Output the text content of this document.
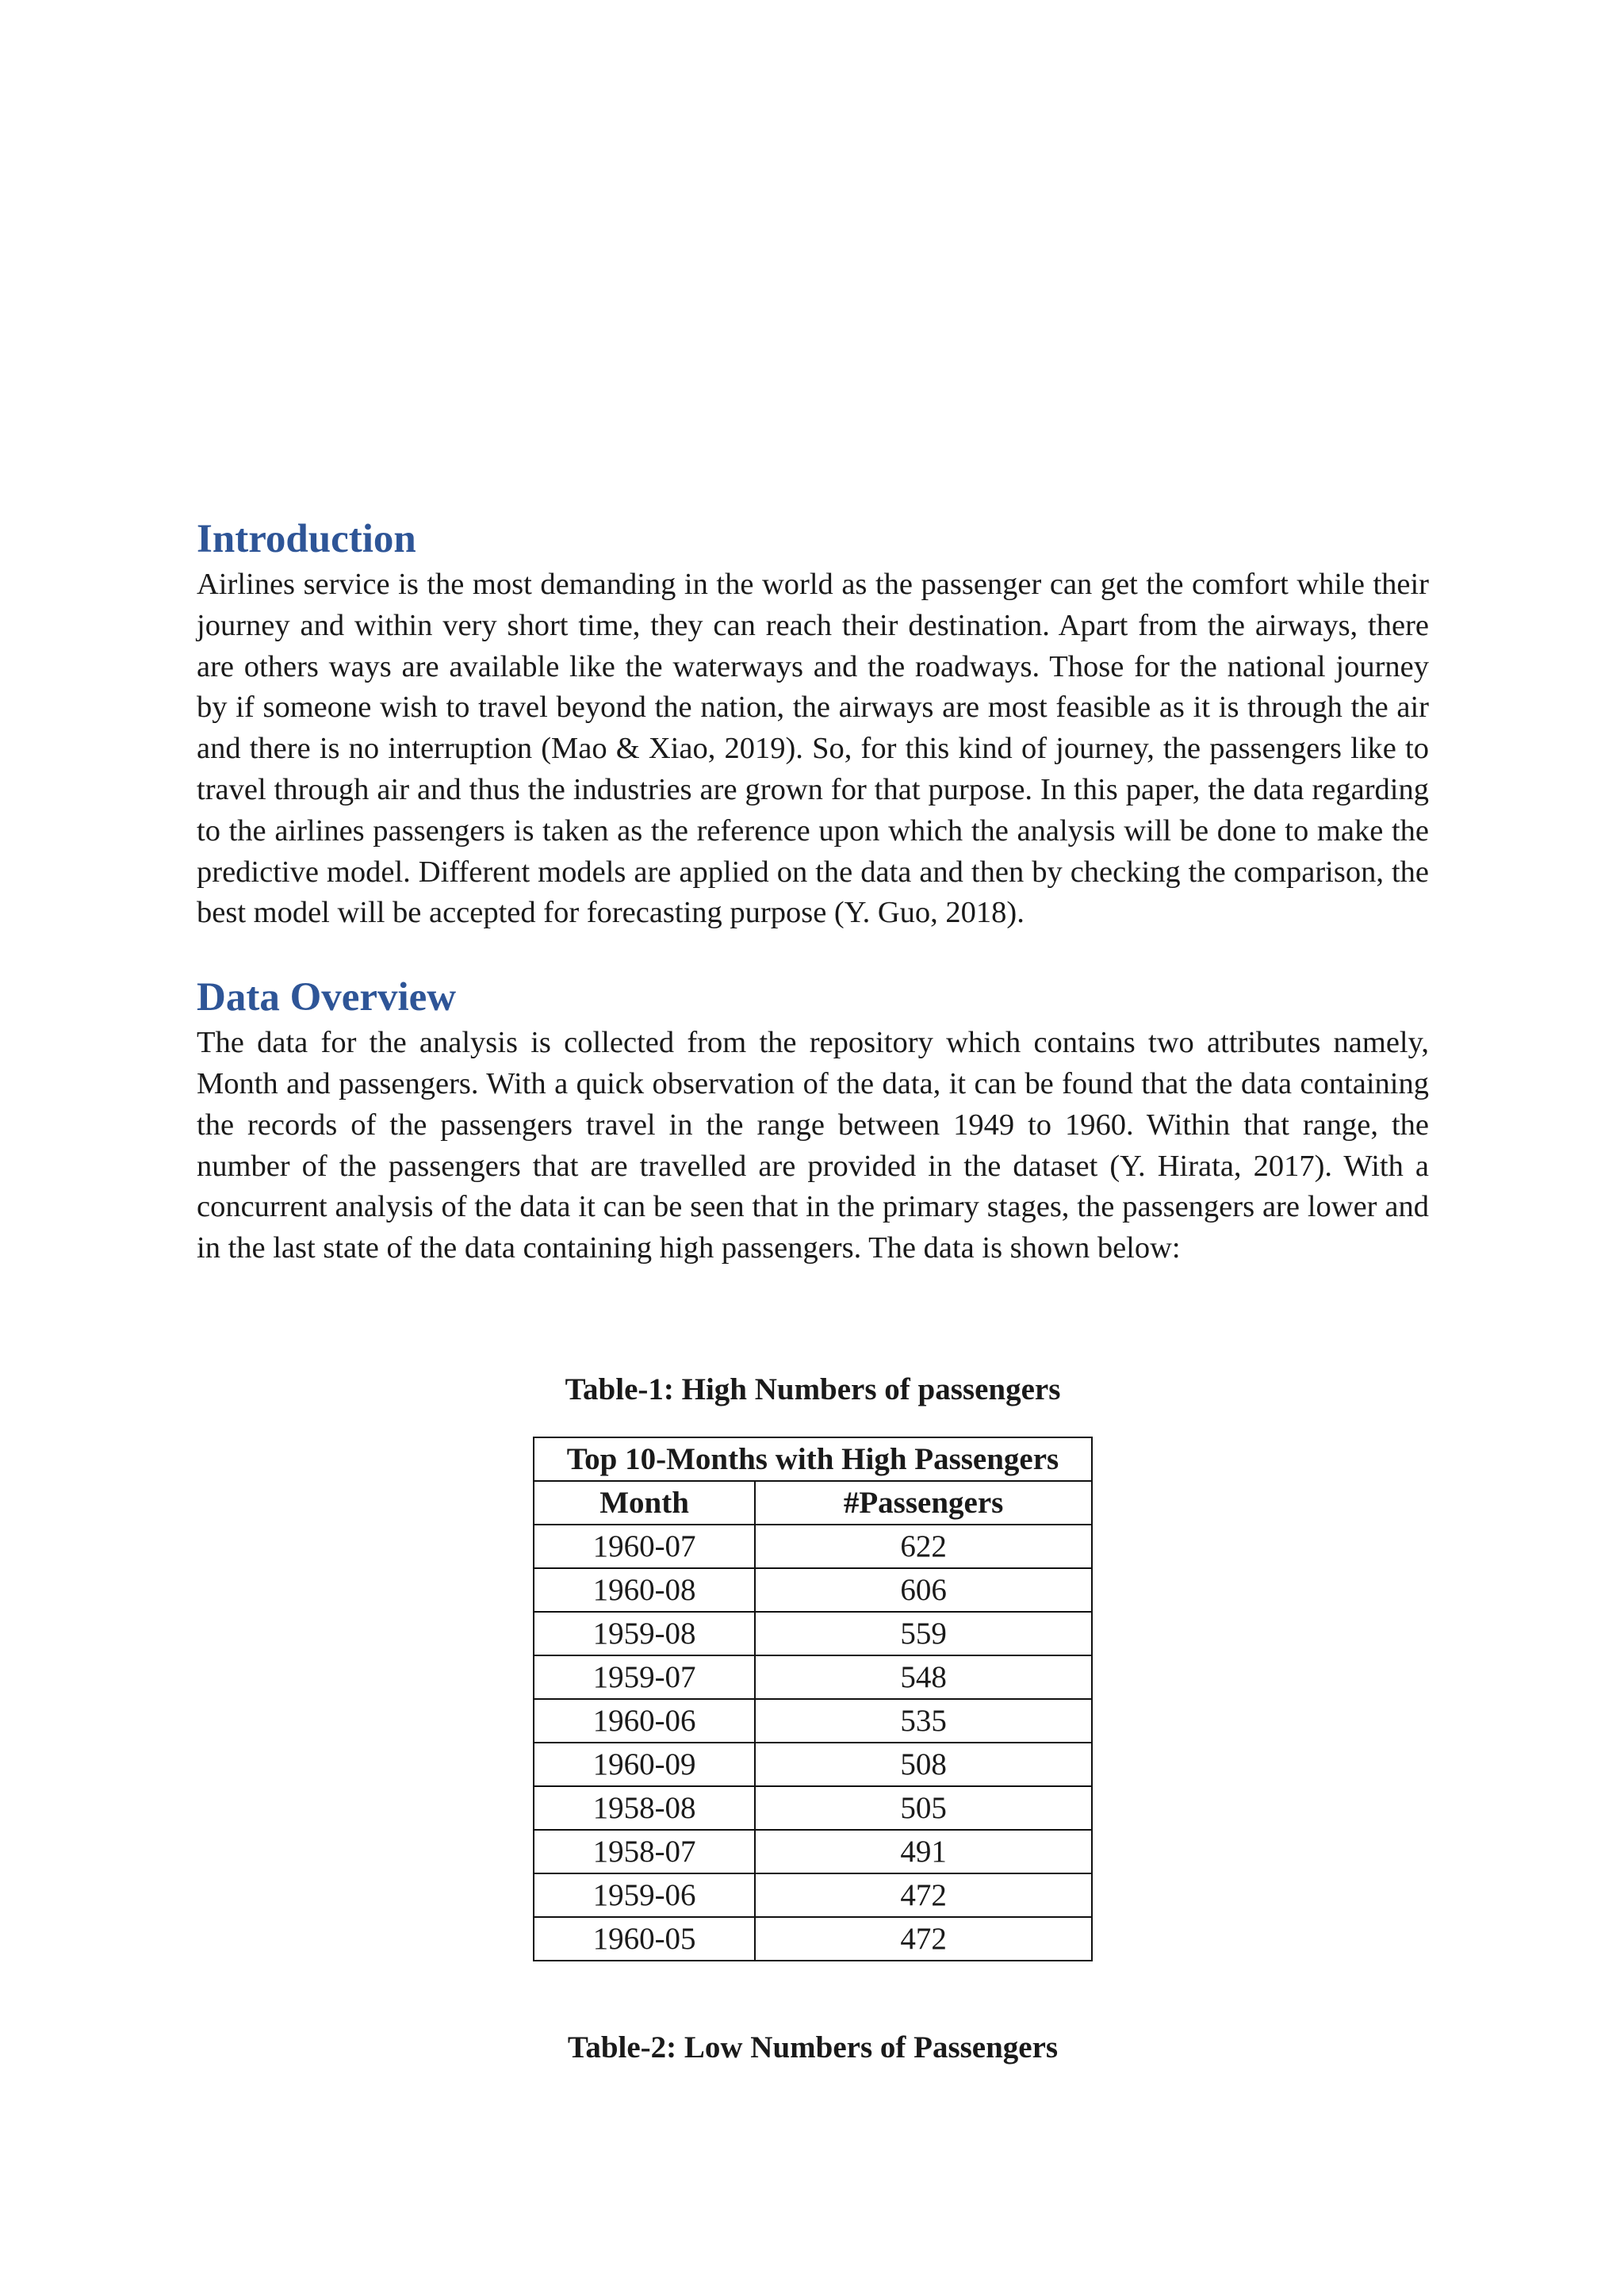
Introduction

Airlines service is the most demanding in the world as the passenger can get the comfort while their journey and within very short time, they can reach their destination. Apart from the airways, there are others ways are available like the waterways and the roadways. Those for the national journey by if someone wish to travel beyond the nation, the airways are most feasible as it is through the air and there is no interruption (Mao & Xiao, 2019). So, for this kind of journey, the passengers like to travel through air and thus the industries are grown for that purpose. In this paper, the data regarding to the airlines passengers is taken as the reference upon which the analysis will be done to make the predictive model. Different models are applied on the data and then by checking the comparison, the best model will be accepted for forecasting purpose (Y. Guo, 2018).

Data Overview

The data for the analysis is collected from the repository which contains two attributes namely, Month and passengers. With a quick observation of the data, it can be found that the data containing the records of the passengers travel in the range between 1949 to 1960. Within that range, the number of the passengers that are travelled are provided in the dataset (Y. Hirata, 2017). With a concurrent analysis of the data it can be seen that in the primary stages, the passengers are lower and in the last state of the data containing high passengers. The data is shown below:

Table-1: High Numbers of passengers

Top 10-Months with High Passengers	
Month	#Passengers
1960-07	622
1960-08	606
1959-08	559
1959-07	548
1960-06	535
1960-09	508
1958-08	505
1958-07	491
1959-06	472
1960-05	472

Table-2: Low Numbers of Passengers
